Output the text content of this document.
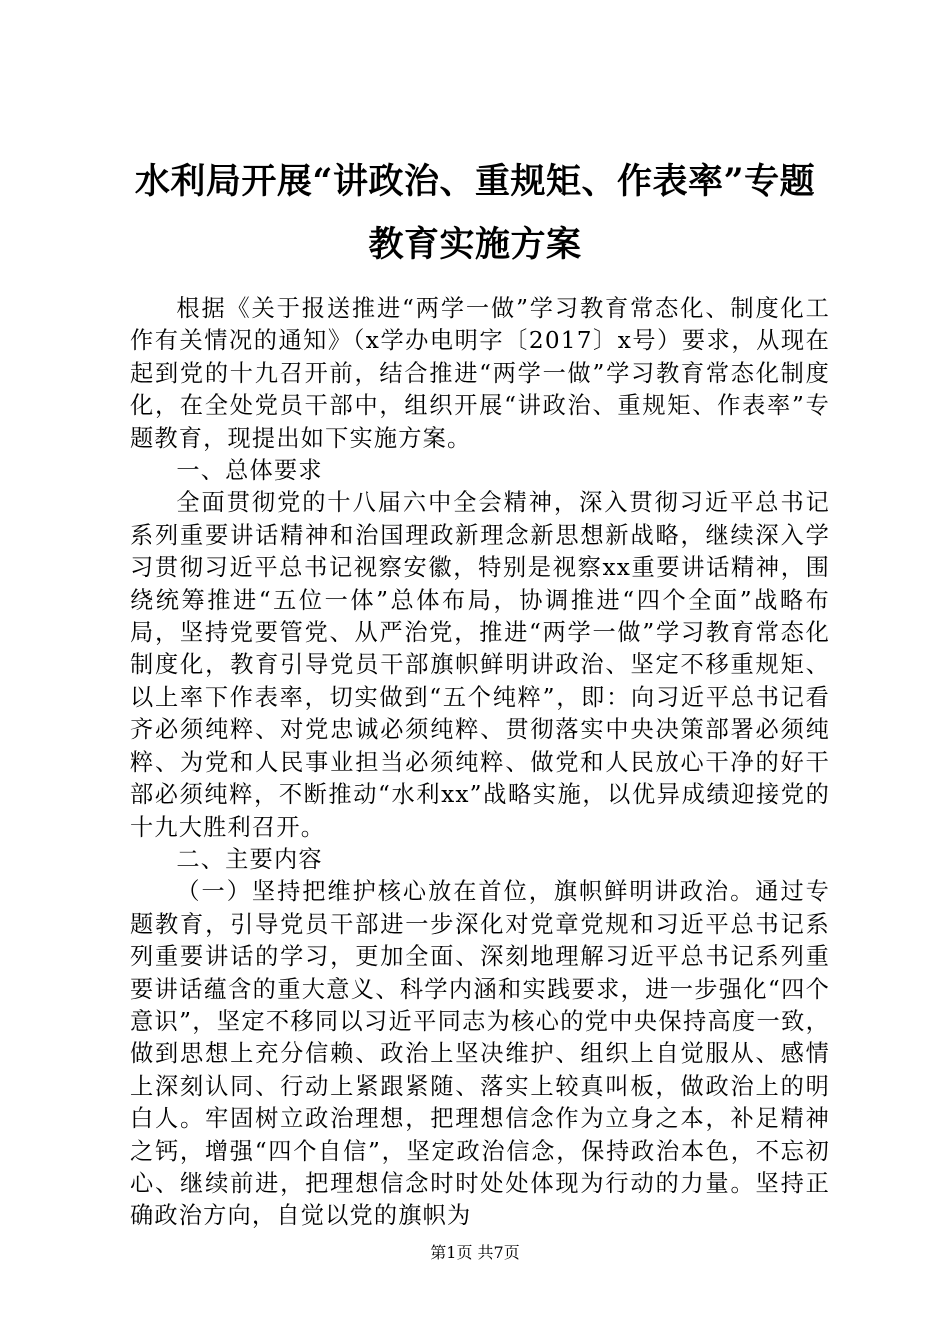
水利局开展“讲政治、重规矩、作表率”专题
教育实施方案

根据《关于报送推进“两学一做”学习教育常态化、制度化工作有关情况的通知》（x学办电明字〔2017〕x号）要求，从现在起到党的十九召开前，结合推进“两学一做”学习教育常态化制度化，在全处党员干部中，组织开展“讲政治、重规矩、作表率”专题教育，现提出如下实施方案。

一、总体要求

全面贯彻党的十八届六中全会精神，深入贯彻习近平总书记系列重要讲话精神和治国理政新理念新思想新战略，继续深入学习贯彻习近平总书记视察安徽，特别是视察xx重要讲话精神，围绕统筹推进“五位一体”总体布局，协调推进“四个全面”战略布局，坚持党要管党、从严治党，推进“两学一做”学习教育常态化制度化，教育引导党员干部旗帜鲜明讲政治、坚定不移重规矩、以上率下作表率，切实做到“五个纯粹”，即：向习近平总书记看齐必须纯粹、对党忠诚必须纯粹、贯彻落实中央决策部署必须纯粹、为党和人民事业担当必须纯粹、做党和人民放心干净的好干部必须纯粹，不断推动“水利xx”战略实施，以优异成绩迎接党的十九大胜利召开。

二、主要内容

（一）坚持把维护核心放在首位，旗帜鲜明讲政治。通过专题教育，引导党员干部进一步深化对党章党规和习近平总书记系列重要讲话的学习，更加全面、深刻地理解习近平总书记系列重要讲话蕴含的重大意义、科学内涵和实践要求，进一步强化“四个意识”，坚定不移同以习近平同志为核心的党中央保持高度一致，做到思想上充分信赖、政治上坚决维护、组织上自觉服从、感情上深刻认同、行动上紧跟紧随、落实上较真叫板，做政治上的明白人。牢固树立政治理想，把理想信念作为立身之本，补足精神之钙，增强“四个自信”，坚定政治信念，保持政治本色，不忘初心、继续前进，把理想信念时时处处体现为行动的力量。坚持正确政治方向，自觉以党的旗帜为

第1页 共7页
